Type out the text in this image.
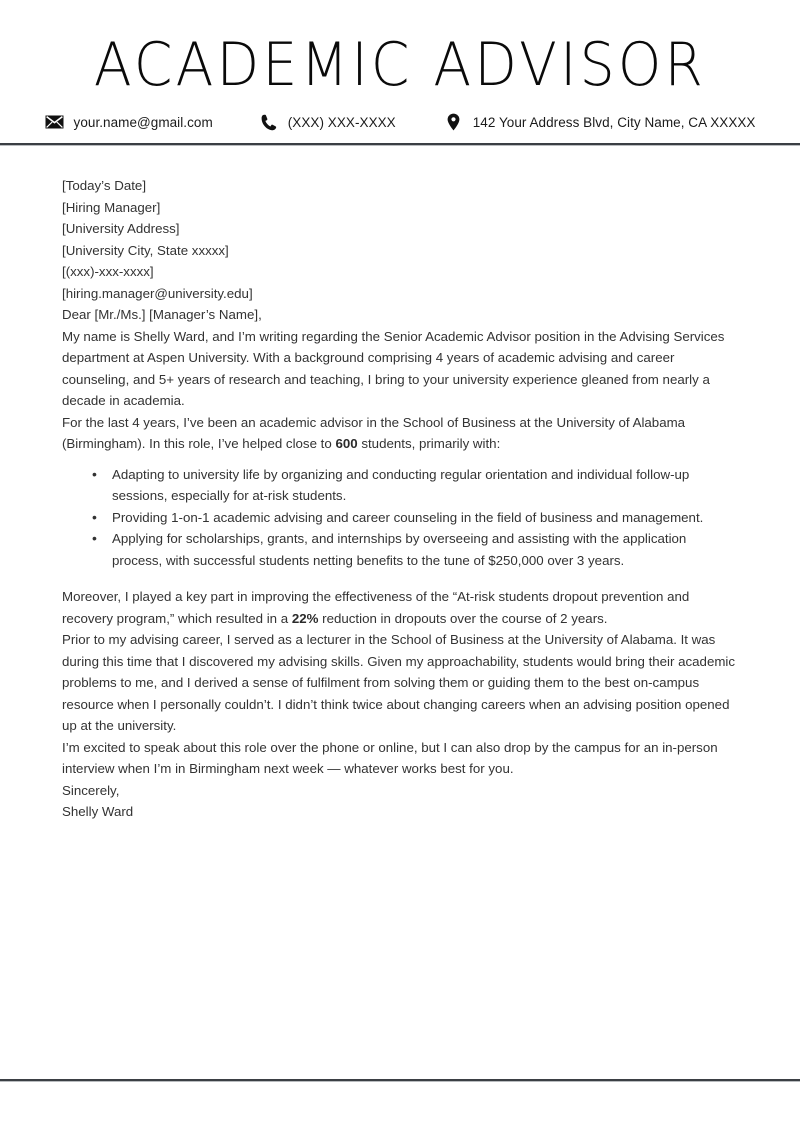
ACADEMIC ADVISOR
your.name@gmail.com	(XXX) XXX-XXXX	142 Your Address Blvd, City Name, CA XXXXX

[Today’s Date]

[Hiring Manager]
[University Address]
[University City, State xxxxx]
[(xxx)-xxx-xxxx]
[hiring.manager@university.edu]

Dear [Mr./Ms.] [Manager’s Name],

My name is Shelly Ward, and I’m writing regarding the Senior Academic Advisor position in the Advising Services department at Aspen University. With a background comprising 4 years of academic advising and career counseling, and 5+ years of research and teaching, I bring to your university experience gleaned from nearly a decade in academia.

For the last 4 years, I’ve been an academic advisor in the School of Business at the University of Alabama (Birmingham). In this role, I’ve helped close to 600 students, primarily with:

• Adapting to university life by organizing and conducting regular orientation and individual follow-up sessions, especially for at-risk students.
• Providing 1-on-1 academic advising and career counseling in the field of business and management.
• Applying for scholarships, grants, and internships by overseeing and assisting with the application process, with successful students netting benefits to the tune of $250,000 over 3 years.

Moreover, I played a key part in improving the effectiveness of the “At-risk students dropout prevention and recovery program,” which resulted in a 22% reduction in dropouts over the course of 2 years.

Prior to my advising career, I served as a lecturer in the School of Business at the University of Alabama. It was during this time that I discovered my advising skills. Given my approachability, students would bring their academic problems to me, and I derived a sense of fulfilment from solving them or guiding them to the best on-campus resource when I personally couldn’t. I didn’t think twice about changing careers when an advising position opened up at the university.

I’m excited to speak about this role over the phone or online, but I can also drop by the campus for an in-person interview when I’m in Birmingham next week — whatever works best for you.

Sincerely,
Shelly Ward
